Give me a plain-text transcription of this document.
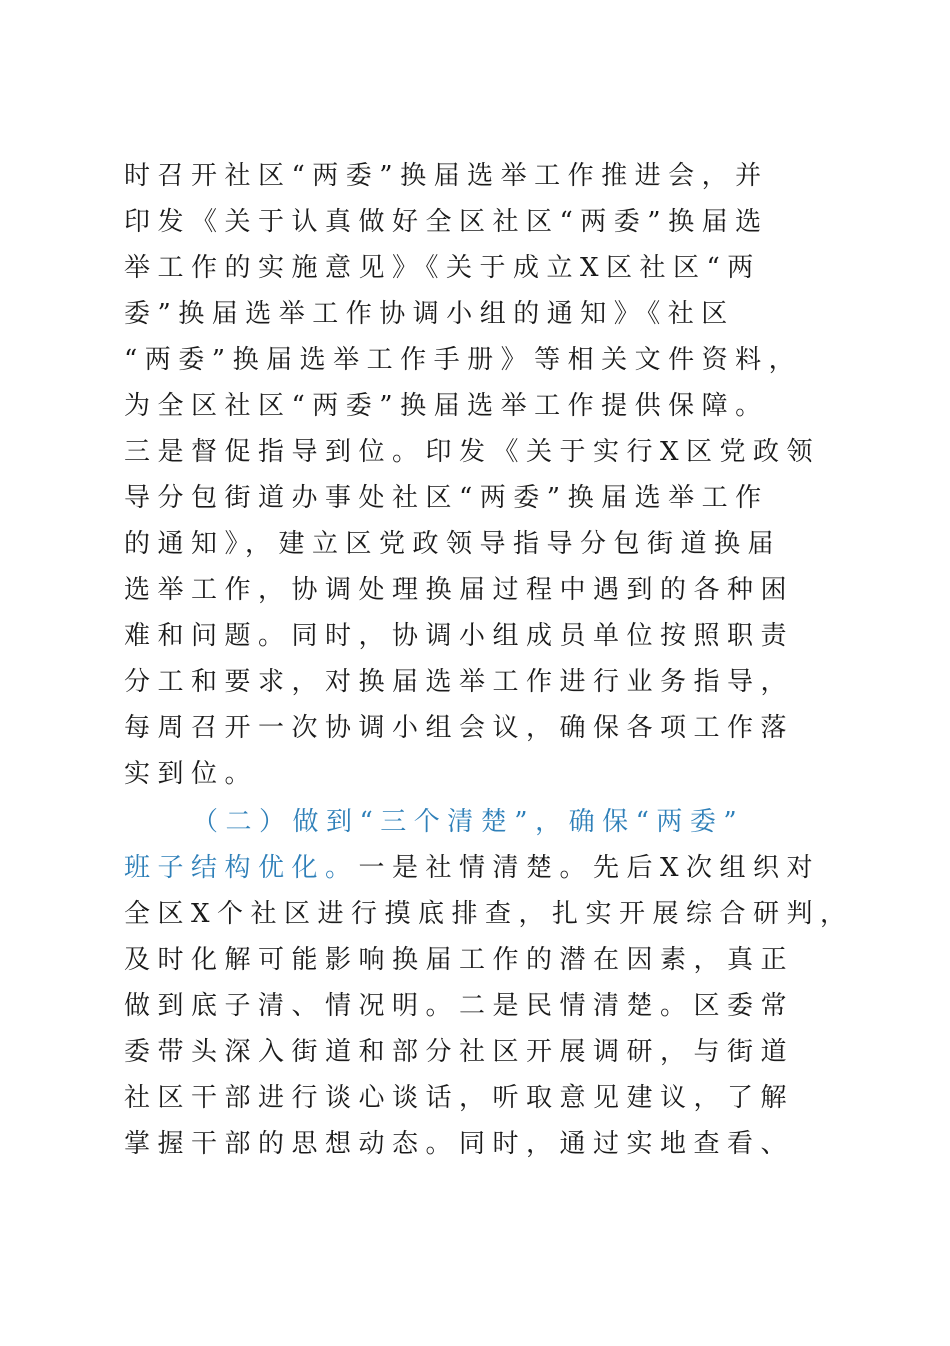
时召开社区“两委”换届选举工作推进会，并
印发《关于认真做好全区社区“两委”换届选
举工作的实施意见》《关于成立X区社区“两
委”换届选举工作协调小组的通知》《社区
“两委”换届选举工作手册》等相关文件资料，
为全区社区“两委”换届选举工作提供保障。
三是督促指导到位。印发《关于实行X区党政领
导分包街道办事处社区“两委”换届选举工作
的通知》，建立区党政领导指导分包街道换届
选举工作，协调处理换届过程中遇到的各种困
难和问题。同时，协调小组成员单位按照职责
分工和要求，对换届选举工作进行业务指导，
每周召开一次协调小组会议，确保各项工作落
实到位。
（二）做到“三个清楚”，确保“两委”
班子结构优化。一是社情清楚。先后X次组织对
全区X个社区进行摸底排查，扎实开展综合研判，
及时化解可能影响换届工作的潜在因素，真正
做到底子清、情况明。二是民情清楚。区委常
委带头深入街道和部分社区开展调研，与街道
社区干部进行谈心谈话，听取意见建议，了解
掌握干部的思想动态。同时，通过实地查看、
